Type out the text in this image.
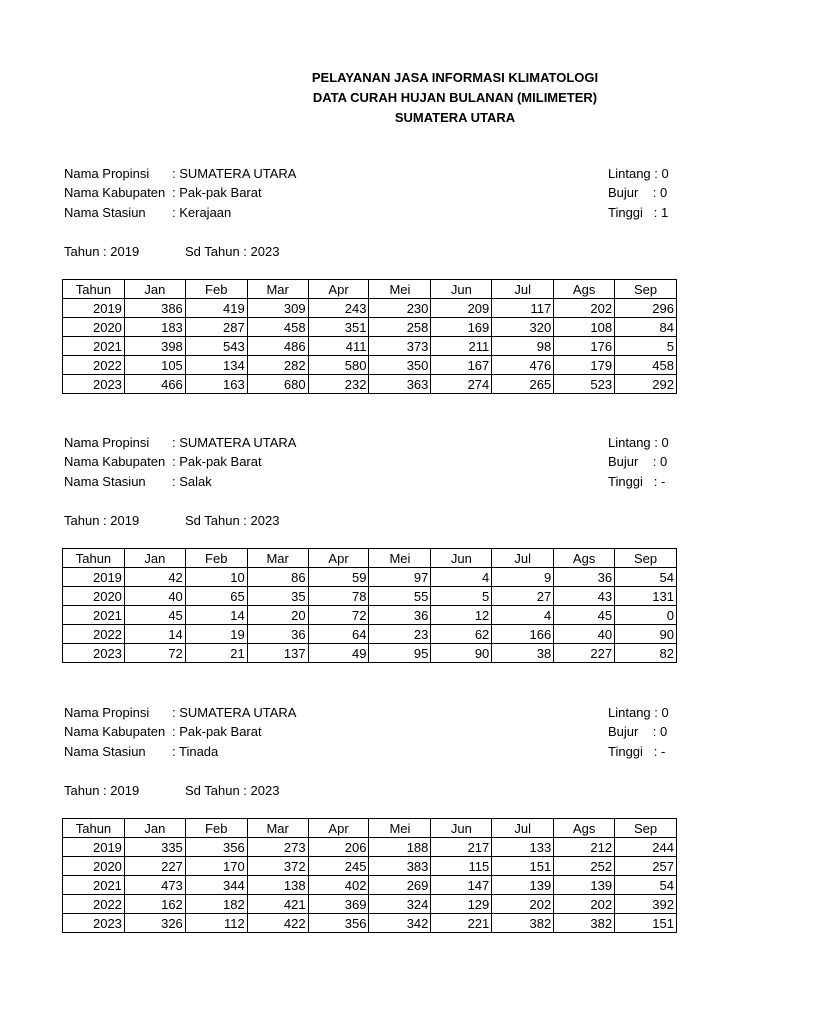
PELAYANAN JASA INFORMASI KLIMATOLOGI
DATA CURAH HUJAN BULANAN (MILIMETER)
SUMATERA UTARA
Nama Propinsi : SUMATERA UTARA
Nama Kabupaten : Pak-pak Barat
Nama Stasiun : Kerajaan
Lintang : 0
Bujur    : 0
Tinggi   : 1
Tahun : 2019	Sd Tahun : 2023
Tahun	Jan	Feb	Mar	Apr	Mei	Jun	Jul	Ags	Sep
2019	386	419	309	243	230	209	117	202	296
2020	183	287	458	351	258	169	320	108	84
2021	398	543	486	411	373	211	98	176	5
2022	105	134	282	580	350	167	476	179	458
2023	466	163	680	232	363	274	265	523	292
Nama Propinsi : SUMATERA UTARA
Nama Kabupaten : Pak-pak Barat
Nama Stasiun : Salak
Lintang : 0
Bujur    : 0
Tinggi   : -
Tahun : 2019	Sd Tahun : 2023
Tahun	Jan	Feb	Mar	Apr	Mei	Jun	Jul	Ags	Sep
2019	42	10	86	59	97	4	9	36	54
2020	40	65	35	78	55	5	27	43	131
2021	45	14	20	72	36	12	4	45	0
2022	14	19	36	64	23	62	166	40	90
2023	72	21	137	49	95	90	38	227	82
Nama Propinsi : SUMATERA UTARA
Nama Kabupaten : Pak-pak Barat
Nama Stasiun : Tinada
Lintang : 0
Bujur    : 0
Tinggi   : -
Tahun : 2019	Sd Tahun : 2023
Tahun	Jan	Feb	Mar	Apr	Mei	Jun	Jul	Ags	Sep
2019	335	356	273	206	188	217	133	212	244
2020	227	170	372	245	383	115	151	252	257
2021	473	344	138	402	269	147	139	139	54
2022	162	182	421	369	324	129	202	202	392
2023	326	112	422	356	342	221	382	382	151
